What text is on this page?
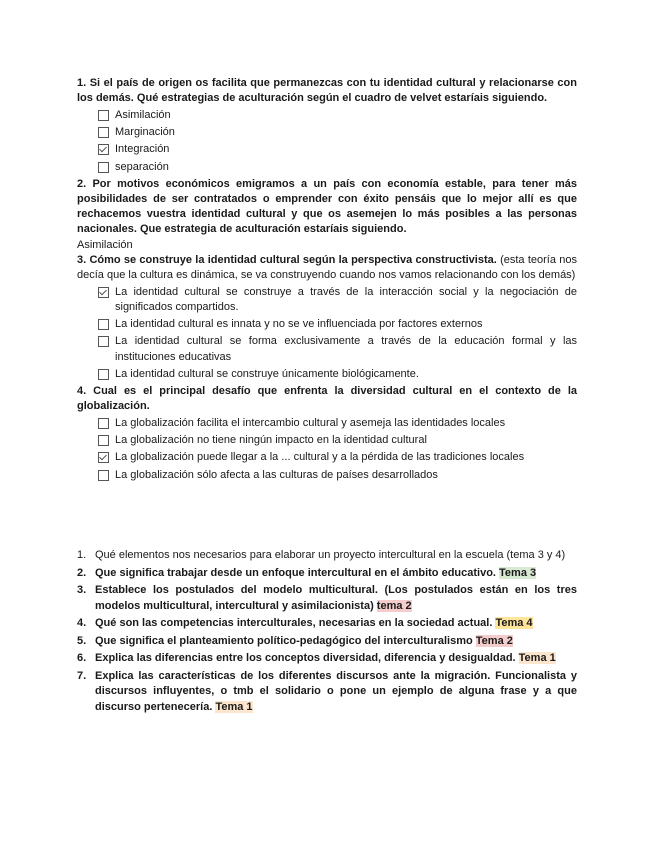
1. Si el país de origen os facilita que permanezcas con tu identidad cultural y relacionarse con los demás. Qué estrategias de aculturación según el cuadro de velvet estaríais siguiendo.

Asimilación
Marginación
Integración
separación

2. Por motivos económicos emigramos a un país con economía estable, para tener más posibilidades de ser contratados o emprender con éxito pensáis que lo mejor allí es que rechacemos vuestra identidad cultural y que os asemejen lo más posibles a las personas nacionales. Que estrategia de aculturación estaríais siguiendo.

Asimilación

3. Cómo se construye la identidad cultural según la perspectiva constructivista. (esta teoría nos decía que la cultura es dinámica, se va construyendo cuando nos vamos relacionando con los demás)

La identidad cultural se construye a través de la interacción social y la negociación de significados compartidos.
La identidad cultural es innata y no se ve influenciada por factores externos
La identidad cultural se forma exclusivamente a través de la educación formal y las instituciones educativas
La identidad cultural se construye únicamente biológicamente.

4. Cual es el principal desafío que enfrenta la diversidad cultural en el contexto de la globalización.

La globalización facilita el intercambio cultural y asemeja las identidades locales
La globalización no tiene ningún impacto en la identidad cultural
La globalización puede llegar a la ... cultural y a la pérdida de las tradiciones locales
La globalización sólo afecta a las culturas de países desarrollados
1. Qué elementos nos necesarios para elaborar un proyecto intercultural en la escuela (tema 3 y 4)
2. Que significa trabajar desde un enfoque intercultural en el ámbito educativo. Tema 3
3. Establece los postulados del modelo multicultural. (Los postulados están en los tres modelos multicultural, intercultural y asimilacionista) tema 2
4. Qué son las competencias interculturales, necesarias en la sociedad actual. Tema 4
5. Que significa el planteamiento político-pedagógico del interculturalismo Tema 2
6. Explica las diferencias entre los conceptos diversidad, diferencia y desigualdad. Tema 1
7. Explica las características de los diferentes discursos ante la migración. Funcionalista y discursos influyentes, o tmb el solidario o pone un ejemplo de alguna frase y a que discurso pertenecería. Tema 1
